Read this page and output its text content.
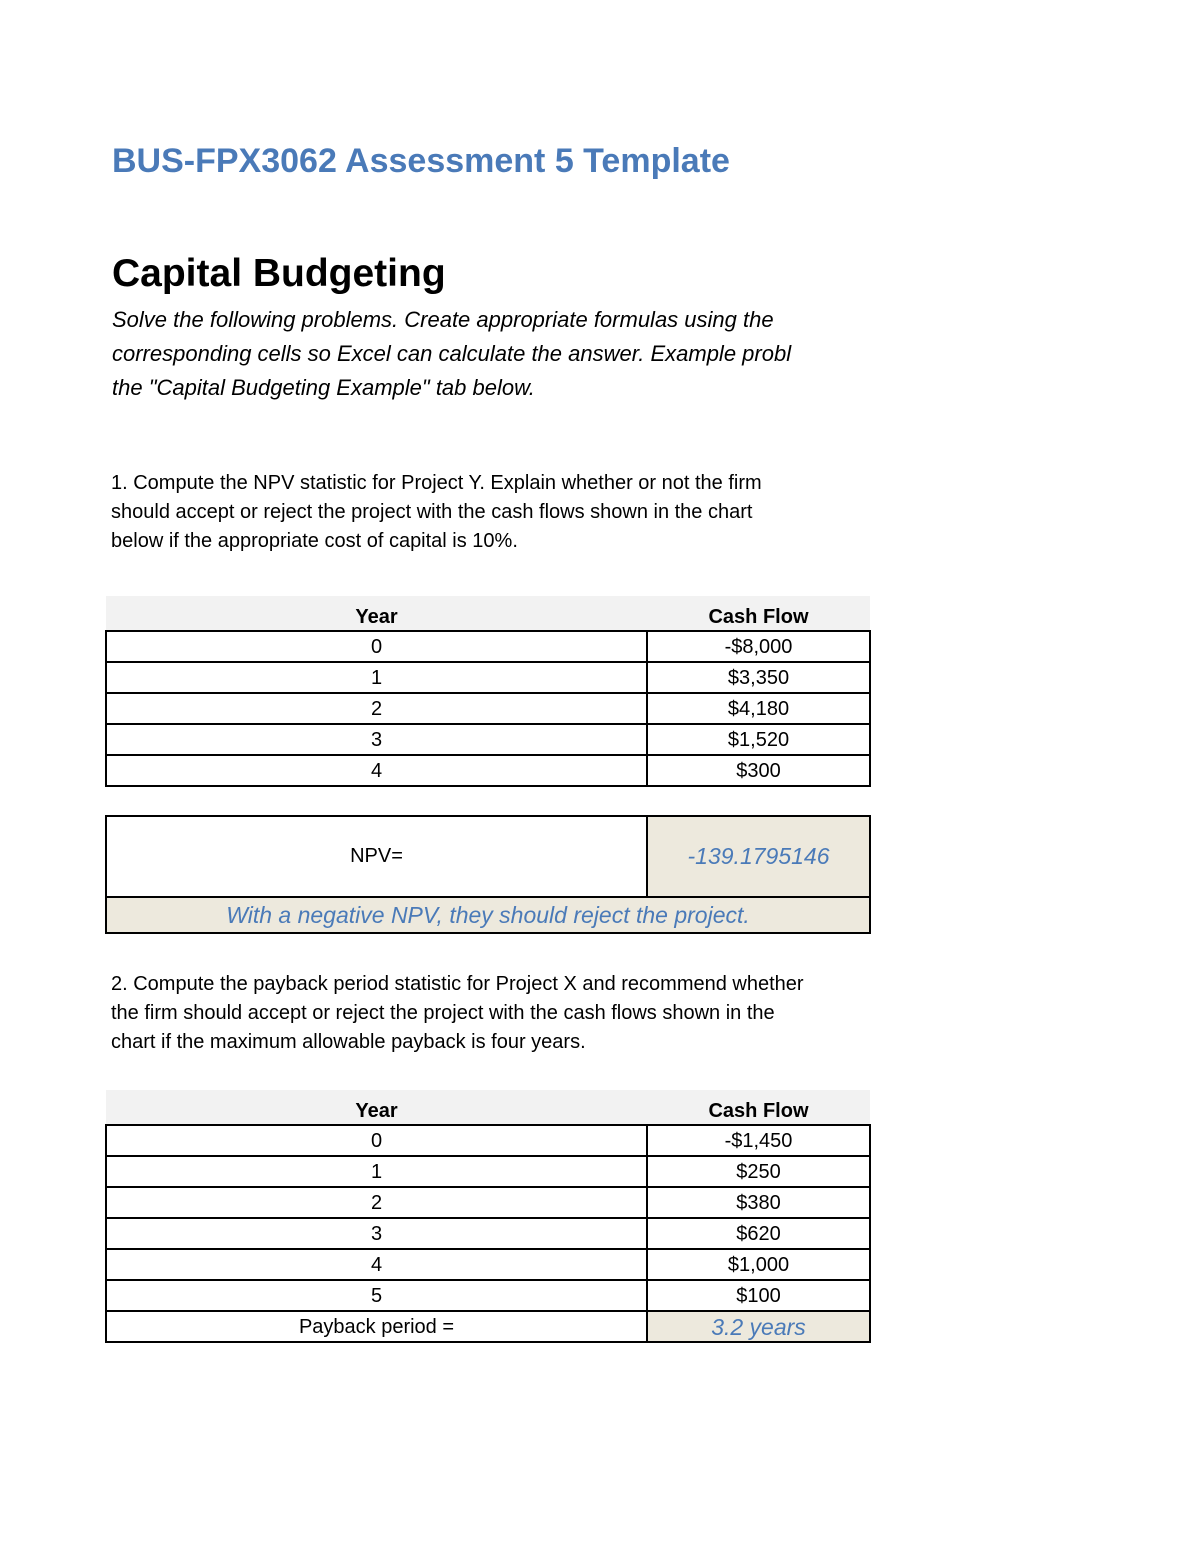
BUS-FPX3062 Assessment 5 Template
Capital Budgeting
Solve the following problems. Create appropriate formulas using the
corresponding cells so Excel can calculate the answer. Example probl
the "Capital Budgeting Example" tab below.
1. Compute the NPV statistic for Project Y. Explain whether or not the firm
should accept or reject the project with the cash flows shown in the chart
below if the appropriate cost of capital is 10%.
Year	Cash Flow
0	-$8,000
1	$3,350
2	$4,180
3	$1,520
4	$300
NPV=	-139.1795146
With a negative NPV, they should reject the project.
2. Compute the payback period statistic for Project X and recommend whether
the firm should accept or reject the project with the cash flows shown in the
chart if the maximum allowable payback is four years.
Year	Cash Flow
0	-$1,450
1	$250
2	$380
3	$620
4	$1,000
5	$100
Payback period =	3.2 years
